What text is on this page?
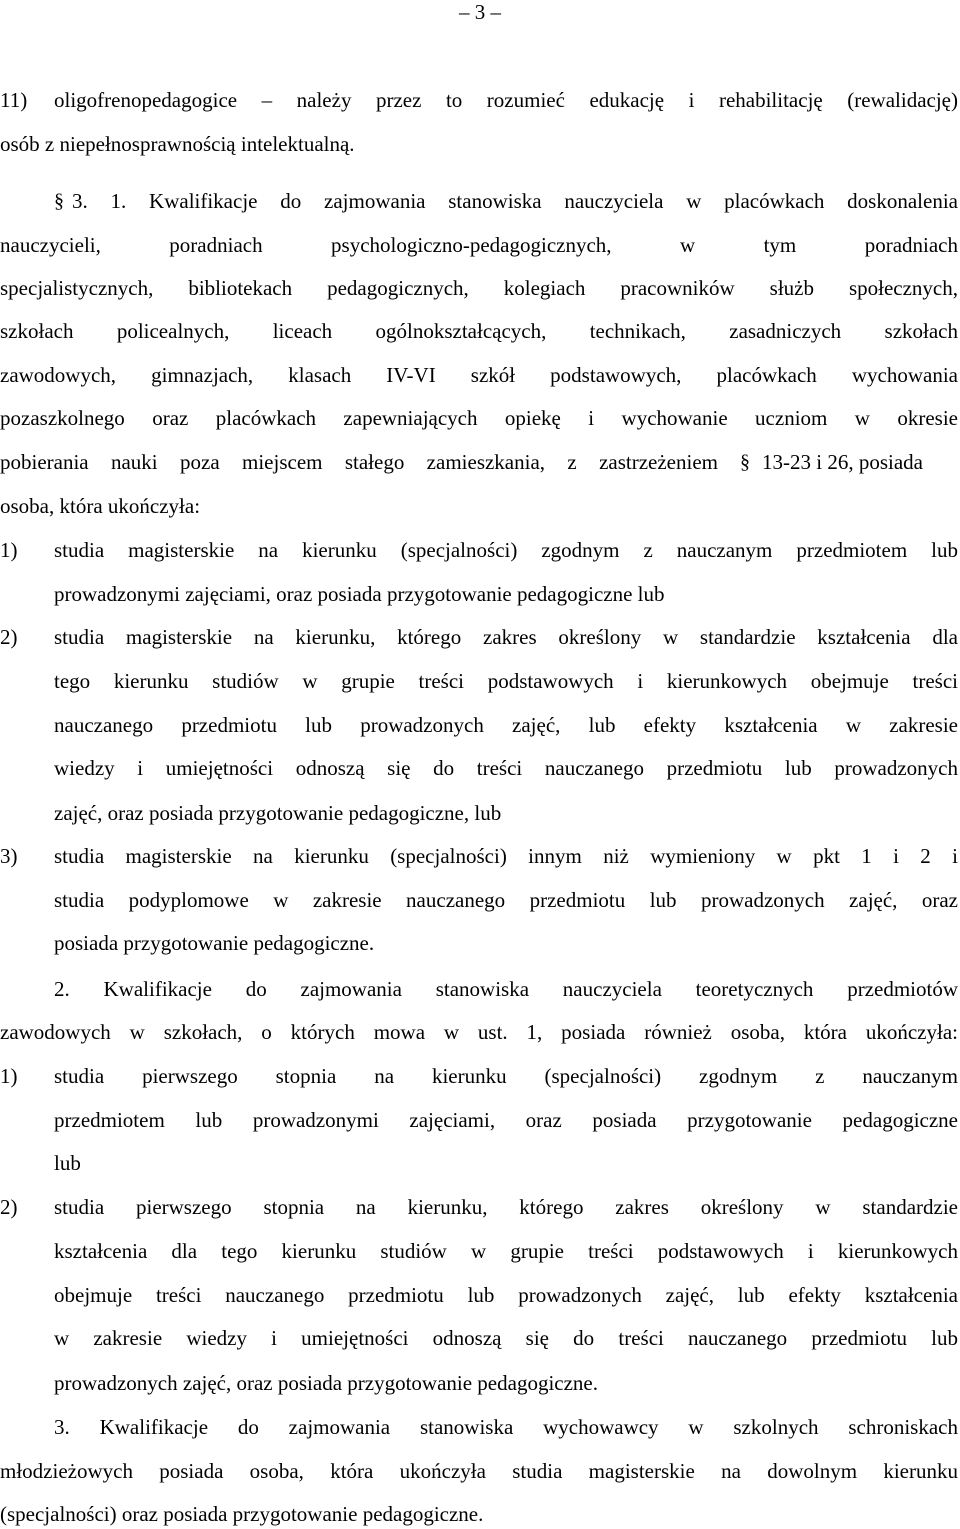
– 3 –
11) oligofrenopedagogice – należy przez to rozumieć edukację i rehabilitację (rewalidację)
osób z niepełnosprawnością intelektualną.
§ 3. 1. Kwalifikacje do zajmowania stanowiska nauczyciela w placówkach doskonalenia
nauczycieli, poradniach psychologiczno-pedagogicznych, w tym poradniach
specjalistycznych, bibliotekach pedagogicznych, kolegiach pracowników służb społecznych,
szkołach policealnych, liceach ogólnokształcących, technikach, zasadniczych szkołach
zawodowych, gimnazjach, klasach IV-VI szkół podstawowych, placówkach wychowania
pozaszkolnego oraz placówkach zapewniających opiekę i wychowanie uczniom w okresie
pobierania nauki poza miejscem stałego zamieszkania, z zastrzeżeniem § 13-23 i 26, posiada
osoba, która ukończyła:
1) studia magisterskie na kierunku (specjalności) zgodnym z nauczanym przedmiotem lub
prowadzonymi zajęciami, oraz posiada przygotowanie pedagogiczne lub
2) studia magisterskie na kierunku, którego zakres określony w standardzie kształcenia dla
tego kierunku studiów w grupie treści podstawowych i kierunkowych obejmuje treści
nauczanego przedmiotu lub prowadzonych zajęć, lub efekty kształcenia w zakresie
wiedzy i umiejętności odnoszą się do treści nauczanego przedmiotu lub prowadzonych
zajęć, oraz posiada przygotowanie pedagogiczne, lub
3) studia magisterskie na kierunku (specjalności) innym niż wymieniony w pkt 1 i 2 i
studia podyplomowe w zakresie nauczanego przedmiotu lub prowadzonych zajęć, oraz
posiada przygotowanie pedagogiczne.
2. Kwalifikacje do zajmowania stanowiska nauczyciela teoretycznych przedmiotów
zawodowych w szkołach, o których mowa w ust. 1, posiada również osoba, która ukończyła:
1) studia pierwszego stopnia na kierunku (specjalności) zgodnym z nauczanym
przedmiotem lub prowadzonymi zajęciami, oraz posiada przygotowanie pedagogiczne
lub
2) studia pierwszego stopnia na kierunku, którego zakres określony w standardzie
kształcenia dla tego kierunku studiów w grupie treści podstawowych i kierunkowych
obejmuje treści nauczanego przedmiotu lub prowadzonych zajęć, lub efekty kształcenia
w zakresie wiedzy i umiejętności odnoszą się do treści nauczanego przedmiotu lub
prowadzonych zajęć, oraz posiada przygotowanie pedagogiczne.
3. Kwalifikacje do zajmowania stanowiska wychowawcy w szkolnych schroniskach
młodzieżowych posiada osoba, która ukończyła studia magisterskie na dowolnym kierunku
(specjalności) oraz posiada przygotowanie pedagogiczne.
